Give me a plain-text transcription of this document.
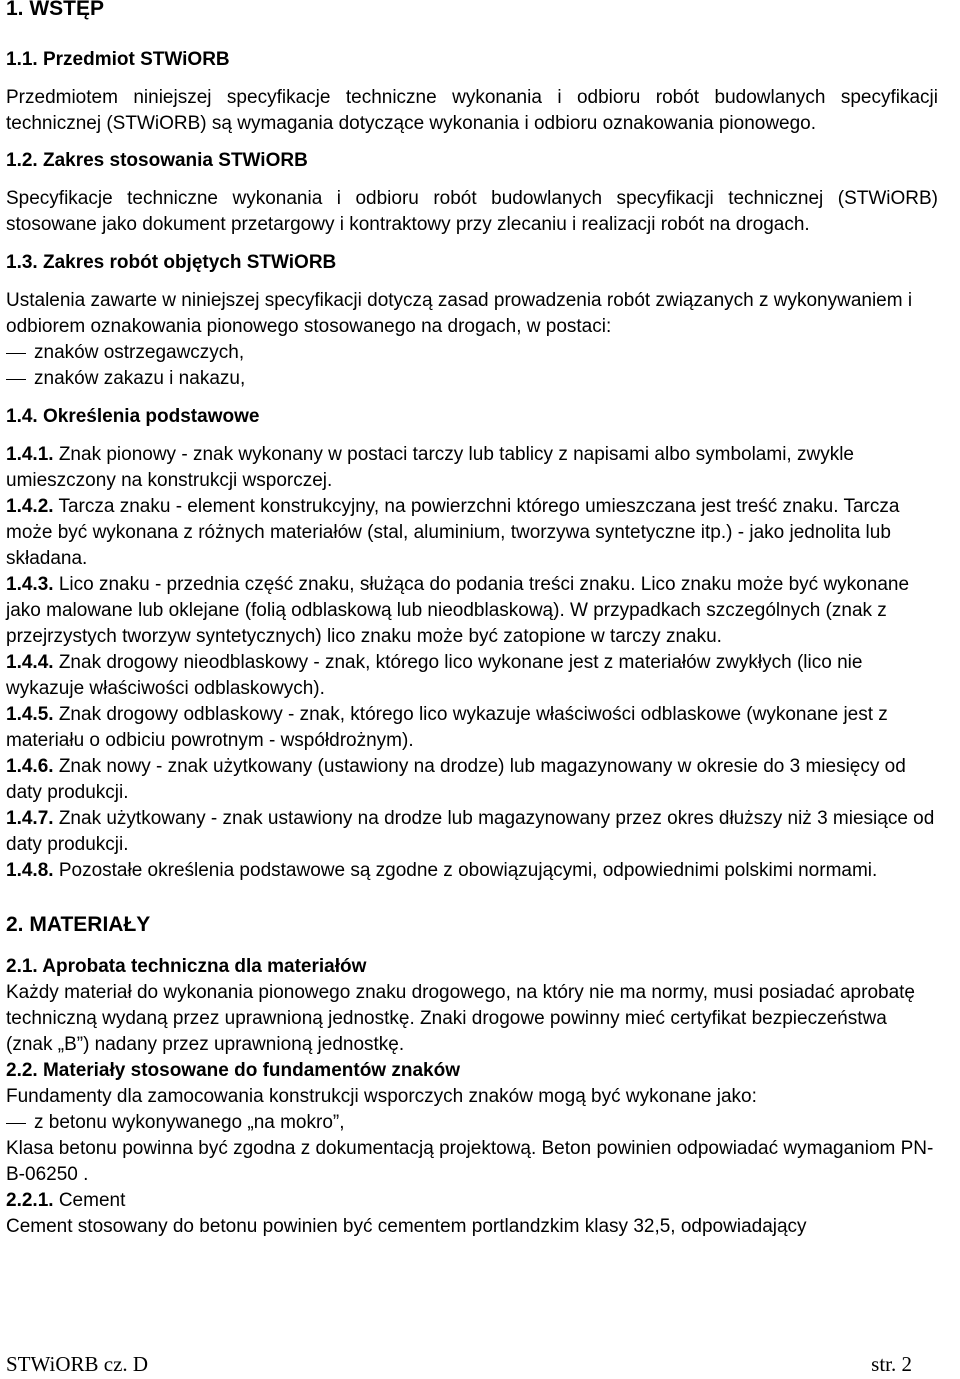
1. WSTĘP
1.1. Przedmiot STWiORB
Przedmiotem niniejszej specyfikacje techniczne wykonania i odbioru robót budowlanych specyfikacji technicznej (STWiORB) są wymagania dotyczące wykonania i odbioru oznakowania pionowego.
1.2. Zakres stosowania STWiORB
Specyfikacje techniczne wykonania i odbioru robót budowlanych specyfikacji technicznej (STWiORB) stosowane jako dokument przetargowy i kontraktowy przy zlecaniu i realizacji robót na drogach.
1.3. Zakres robót objętych STWiORB
Ustalenia zawarte w niniejszej specyfikacji dotyczą zasad prowadzenia robót związanych z wykonywaniem i odbiorem oznakowania pionowego stosowanego na drogach, w postaci:
znaków ostrzegawczych,
znaków zakazu i nakazu,
1.4. Określenia podstawowe
1.4.1. Znak pionowy - znak wykonany w postaci tarczy lub tablicy z napisami albo symbolami, zwykle umieszczony na konstrukcji wsporczej.
1.4.2. Tarcza znaku - element konstrukcyjny, na powierzchni którego umieszczana jest treść znaku. Tarcza może być wykonana z różnych materiałów (stal, aluminium, tworzywa syntetyczne itp.) - jako jednolita lub składana.
1.4.3. Lico znaku - przednia część znaku, służąca do podania treści znaku. Lico znaku może być wykonane jako malowane lub oklejane (folią odblaskową lub nieodblaskową). W przypadkach szczególnych (znak z przejrzystych tworzyw syntetycznych) lico znaku może być zatopione w tarczy znaku.
1.4.4. Znak drogowy nieodblaskowy - znak, którego lico wykonane jest z materiałów zwykłych (lico nie wykazuje właściwości odblaskowych).
1.4.5. Znak drogowy odblaskowy - znak, którego lico wykazuje właściwości odblaskowe (wykonane jest z materiału o odbiciu powrotnym - współdrożnym).
1.4.6. Znak nowy - znak użytkowany (ustawiony na drodze) lub magazynowany w okresie do 3 miesięcy od daty produkcji.
1.4.7. Znak użytkowany - znak ustawiony na drodze lub magazynowany przez okres dłuższy niż 3 miesiące od daty produkcji.
1.4.8. Pozostałe określenia podstawowe są zgodne z obowiązującymi, odpowiednimi polskimi normami.
2. MATERIAŁY
2.1. Aprobata techniczna dla materiałów
Każdy materiał do wykonania pionowego znaku drogowego, na który nie ma normy, musi posiadać aprobatę techniczną wydaną przez uprawnioną jednostkę. Znaki drogowe powinny mieć certyfikat bezpieczeństwa (znak „B”) nadany przez uprawnioną jednostkę.
2.2. Materiały stosowane do fundamentów znaków
Fundamenty dla zamocowania konstrukcji wsporczych znaków mogą być wykonane jako:
z betonu wykonywanego „na mokro”,
Klasa betonu powinna być zgodna z dokumentacją projektową. Beton powinien odpowiadać wymaganiom PN-B-06250 .
2.2.1. Cement
Cement stosowany do betonu powinien być cementem portlandzkim klasy 32,5, odpowiadający
STWiORB cz. D	str. 2
